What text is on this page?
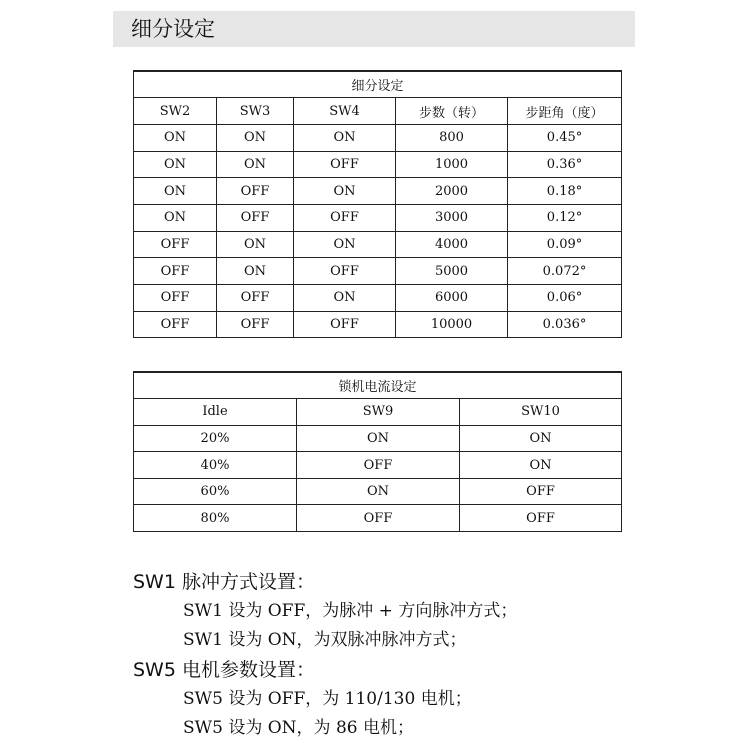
细分设定
细分设定				
SW2	SW3	SW4	步数（转）	步距角（度）
ON	ON	ON	800	0.45°
ON	ON	OFF	1000	0.36°
ON	OFF	ON	2000	0.18°
ON	OFF	OFF	3000	0.12°
OFF	ON	ON	4000	0.09°
OFF	ON	OFF	5000	0.072°
OFF	OFF	ON	6000	0.06°
OFF	OFF	OFF	10000	0.036°
锁机电流设定		
Idle	SW9	SW10
20%	ON	ON
40%	OFF	ON
60%	ON	OFF
80%	OFF	OFF
SW1 脉冲方式设置：
SW1 设为 OFF，为脉冲 + 方向脉冲方式；
SW1 设为 ON，为双脉冲脉冲方式；
SW5 电机参数设置：
SW5 设为 OFF，为 110/130 电机；
SW5 设为 ON，为 86 电机；
